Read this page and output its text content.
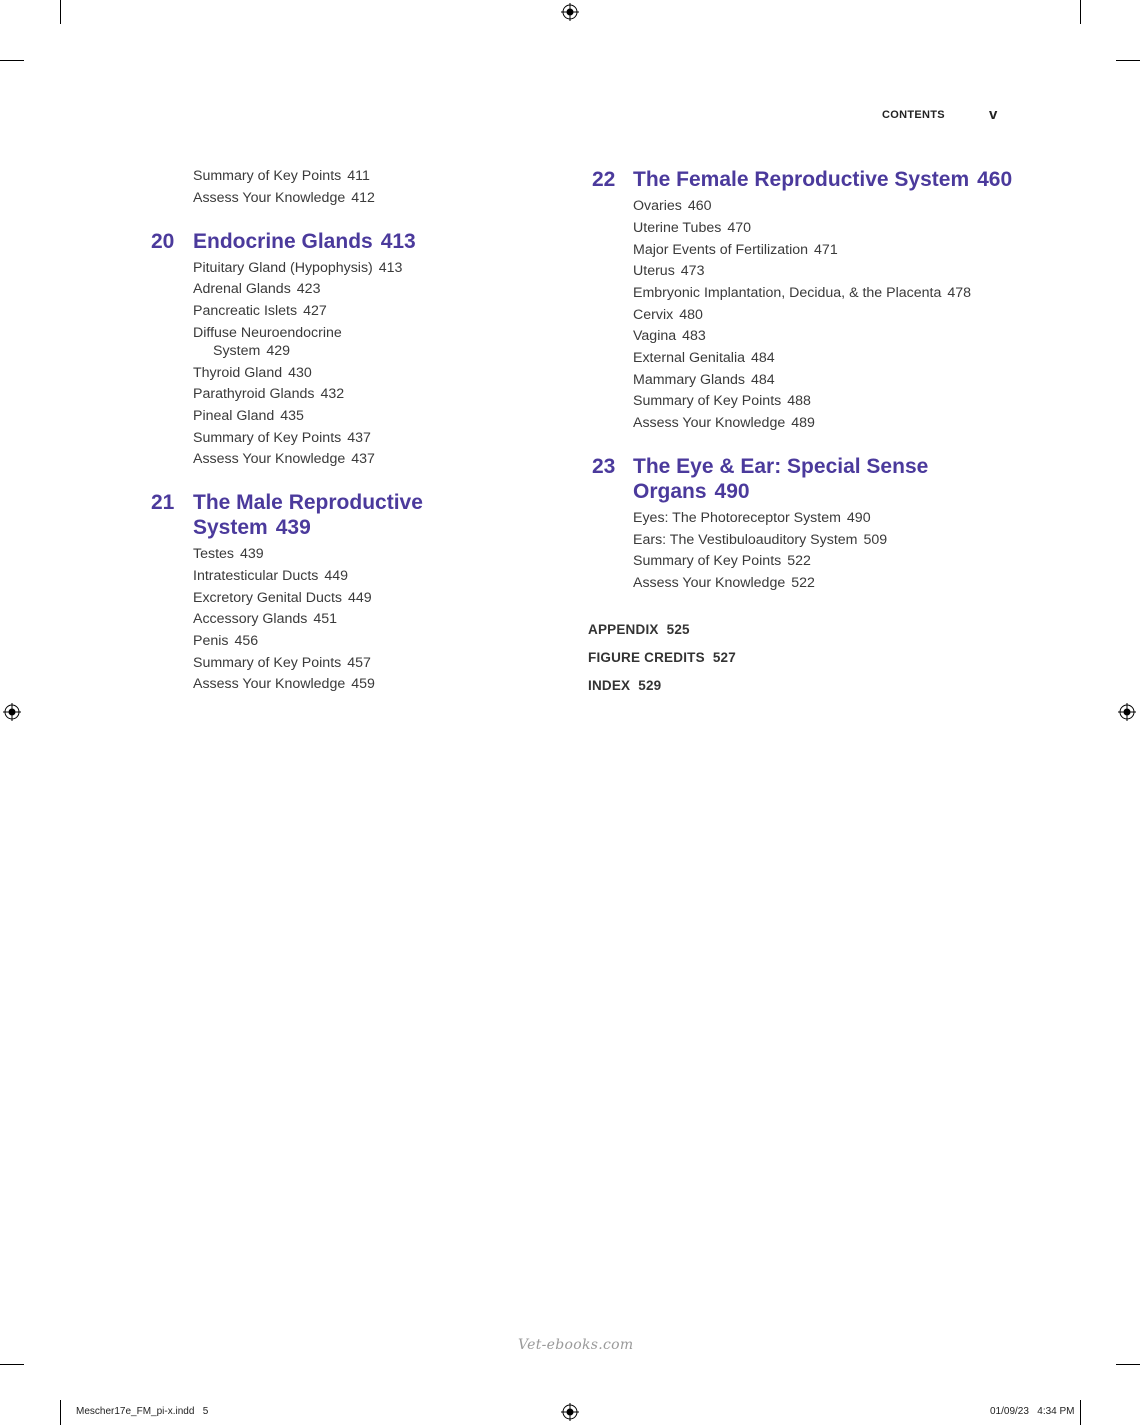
CONTENTS	v
Summary of Key Points 411
Assess Your Knowledge 412
20 Endocrine Glands 413
Pituitary Gland (Hypophysis) 413
Adrenal Glands 423
Pancreatic Islets 427
Diffuse Neuroendocrine
System 429
Thyroid Gland 430
Parathyroid Glands 432
Pineal Gland 435
Summary of Key Points 437
Assess Your Knowledge 437
21 The Male Reproductive
System 439
Testes 439
Intratesticular Ducts 449
Excretory Genital Ducts 449
Accessory Glands 451
Penis 456
Summary of Key Points 457
Assess Your Knowledge 459
22 The Female Reproductive System 460
Ovaries 460
Uterine Tubes 470
Major Events of Fertilization 471
Uterus 473
Embryonic Implantation, Decidua, & the Placenta 478
Cervix 480
Vagina 483
External Genitalia 484
Mammary Glands 484
Summary of Key Points 488
Assess Your Knowledge 489
23 The Eye & Ear: Special Sense
Organs 490
Eyes: The Photoreceptor System 490
Ears: The Vestibuloauditory System 509
Summary of Key Points 522
Assess Your Knowledge 522
APPENDIX 525
FIGURE CREDITS 527
INDEX 529
Vet-ebooks.com
Mescher17e_FM_pi-x.indd   5	01/09/23   4:34 PM
